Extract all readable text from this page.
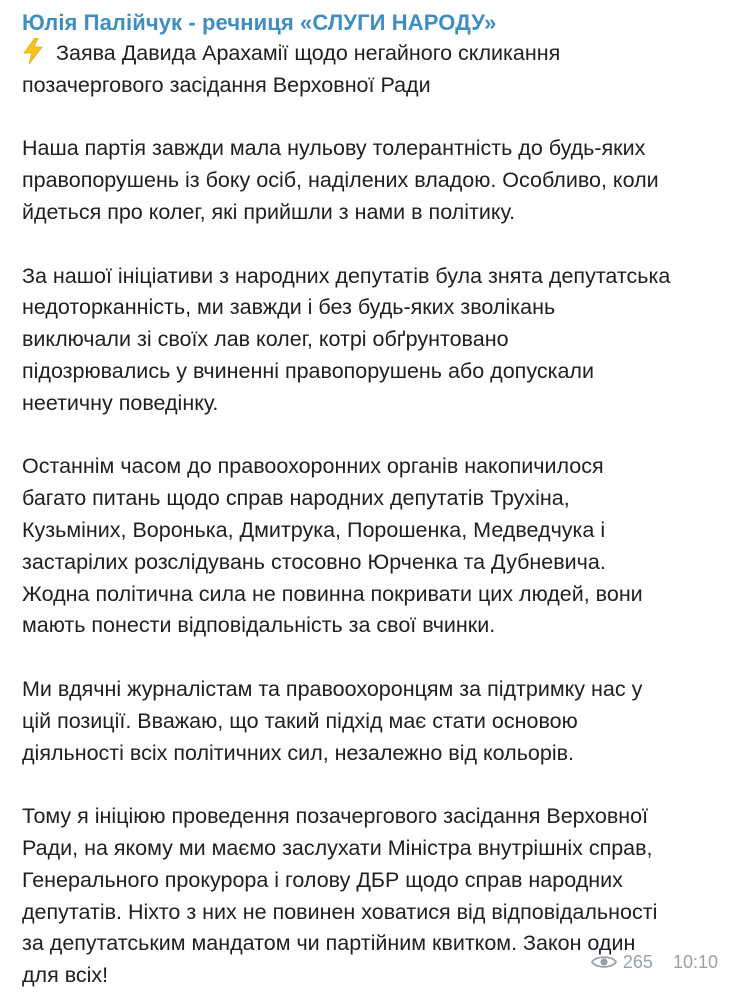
Юлія Палійчук - речниця «СЛУГИ НАРОДУ»
Заява Давида Арахамії щодо негайного скликання
позачергового засідання Верховної Ради
Наша партія завжди мала нульову толерантність до будь-яких
правопорушень із боку осіб, наділених владою. Особливо, коли
йдеться про колег, які прийшли з нами в політику.
За нашої ініціативи з народних депутатів була знята депутатська
недоторканність, ми завжди і без будь-яких зволікань
виключали зі своїх лав колег, котрі обґрунтовано
підозрювались у вчиненні правопорушень або допускали
неетичну поведінку.
Останнім часом до правоохоронних органів накопичилося
багато питань щодо справ народних депутатів Трухіна,
Кузьміних, Воронька, Дмитрука, Порошенка, Медведчука і
застарілих розслідувань стосовно Юрченка та Дубневича.
Жодна політична сила не повинна покривати цих людей, вони
мають понести відповідальність за свої вчинки.
Ми вдячні журналістам та правоохоронцям за підтримку нас у
цій позиції. Вважаю, що такий підхід має стати основою
діяльності всіх політичних сил, незалежно від кольорів.
Тому я ініціюю проведення позачергового засідання Верховної
Ради, на якому ми маємо заслухати Міністра внутрішніх справ,
Генерального прокурора і голову ДБР щодо справ народних
депутатів. Ніхто з них не повинен ховатися від відповідальності
за депутатським мандатом чи партійним квитком. Закон один
для всіх!
265 10:10
